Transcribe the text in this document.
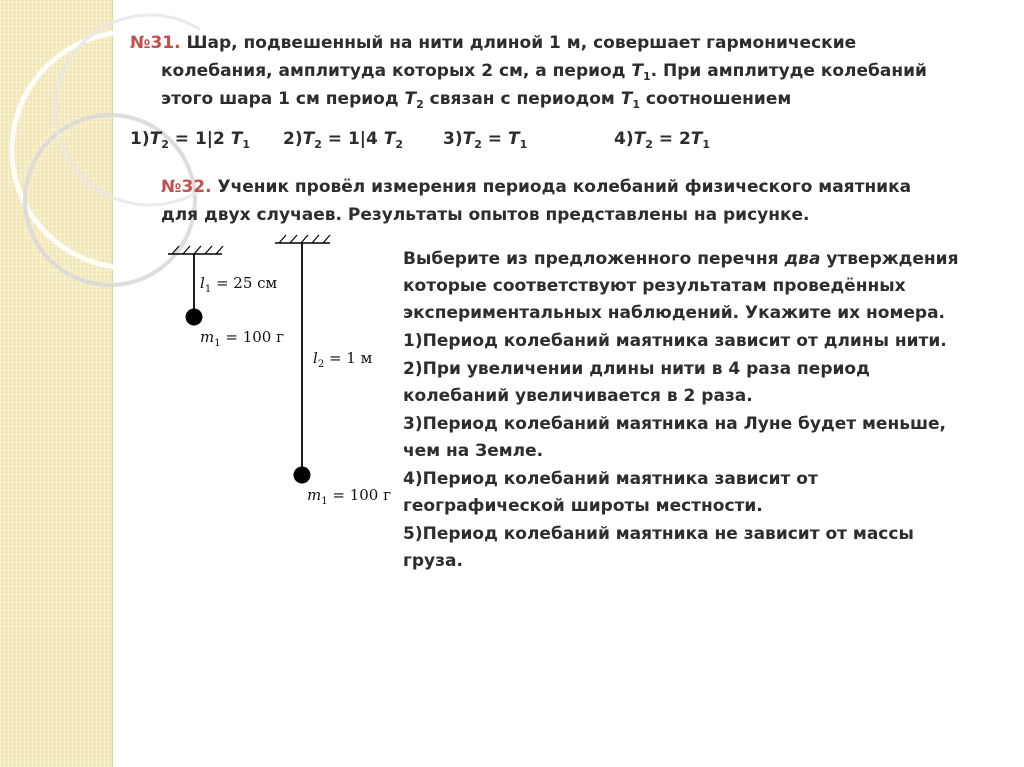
№31. Шар, подвешенный на нити длиной 1 м, совершает гармонические
колебания, амплитуда которых 2 см, а период $T_1$. При амплитуде колебаний
этого шара 1 см период $T_2$ связан с периодом $T_1$ соотношением
$1)T_2 = 1|2$ $T_1$ $2)T_2 = 1|4$ $T_2$ $3)T_2 = T_1$	$4)T_2 = 2T_1$
№32. Ученик провёл измерения периода колебаний физического маятника
для двух случаев. Результаты опытов представлены на рисунке.
$l_1 = 25$ см
$m_1 = 100$ г
$l_2 = 1$ м
$m_1 = 100$ г
Выберите из предложенного перечня два утверждения
которые соответствуют результатам проведённых
экспериментальных наблюдений. Укажите их номера.
1)Период колебаний маятника зависит от длины нити.
2)При увеличении длины нити в 4 раза период
колебаний увеличивается в 2 раза.
3)Период колебаний маятника на Луне будет меньше,
чем на Земле.
4)Период колебаний маятника зависит от
географической широты местности.
5)Период колебаний маятника не зависит от массы
груза.
